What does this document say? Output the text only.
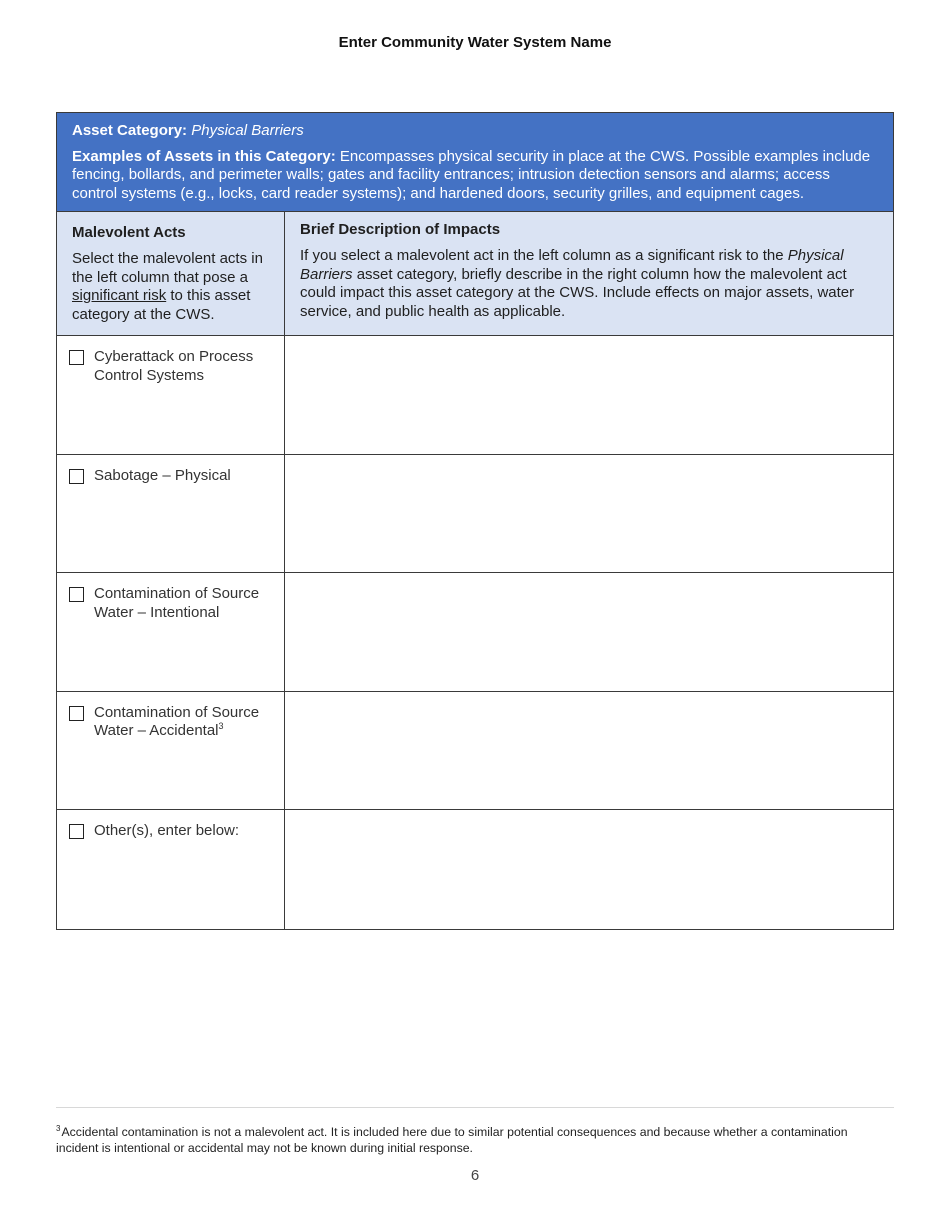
Enter Community Water System Name
Asset Category: Physical Barriers
Examples of Assets in this Category: Encompasses physical security in place at the CWS. Possible examples include fencing, bollards, and perimeter walls; gates and facility entrances; intrusion detection sensors and alarms; access control systems (e.g., locks, card reader systems); and hardened doors, security grilles, and equipment cages.
Malevolent Acts
Select the malevolent acts in the left column that pose a significant risk to this asset category at the CWS.
Brief Description of Impacts
If you select a malevolent act in the left column as a significant risk to the Physical Barriers asset category, briefly describe in the right column how the malevolent act could impact this asset category at the CWS. Include effects on major assets, water service, and public health as applicable.
Cyberattack on Process Control Systems
Sabotage – Physical
Contamination of Source Water – Intentional
Contamination of Source Water – Accidental$^3$
Other(s), enter below:
$^3$Accidental contamination is not a malevolent act. It is included here due to similar potential consequences and because whether a contamination incident is intentional or accidental may not be known during initial response.
6
